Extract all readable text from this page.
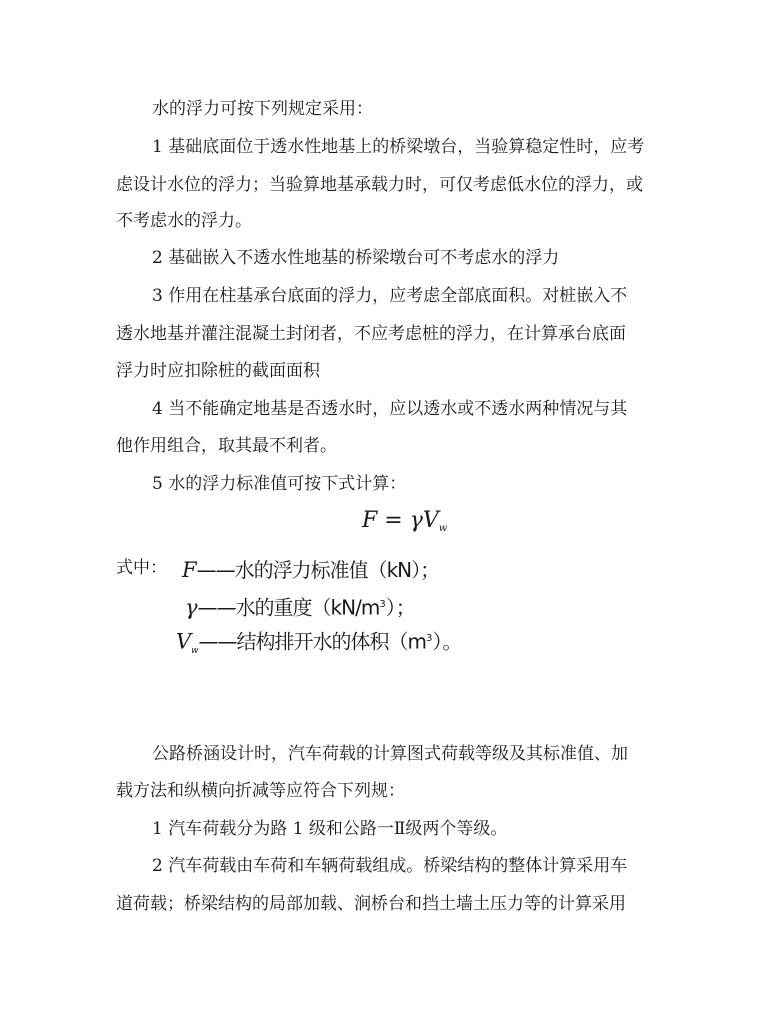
水的浮力可按下列规定采用：
1 基础底面位于透水性地基上的桥梁墩台，当验算稳定性时，应考
虑设计水位的浮力；当验算地基承载力时，可仅考虑低水位的浮力，或
不考虑水的浮力。
2 基础嵌入不透水性地基的桥梁墩台可不考虑水的浮力
3 作用在柱基承台底面的浮力，应考虑全部底面积。对桩嵌入不
透水地基并灌注混凝土封闭者，不应考虑桩的浮力，在计算承台底面
浮力时应扣除桩的截面面积
4 当不能确定地基是否透水时，应以透水或不透水两种情况与其
他作用组合，取其最不利者。
5 水的浮力标准值可按下式计算：
F = γVw
式中： F——水的浮力标准值（kN）；
γ——水的重度$(kN/m^3)$；
$V_w——$结构排开水的体积$(m^3)$。
公路桥涵设计时，汽车荷载的计算图式荷载等级及其标准值、加
载方法和纵横向折减等应符合下列规：
1 汽车荷载分为路 1 级和公路一Ⅱ级两个等级。
2 汽车荷载由车荷和车辆荷载组成。桥梁结构的整体计算采用车
道荷载；桥梁结构的局部加载、涧桥台和挡土墙土压力等的计算采用
